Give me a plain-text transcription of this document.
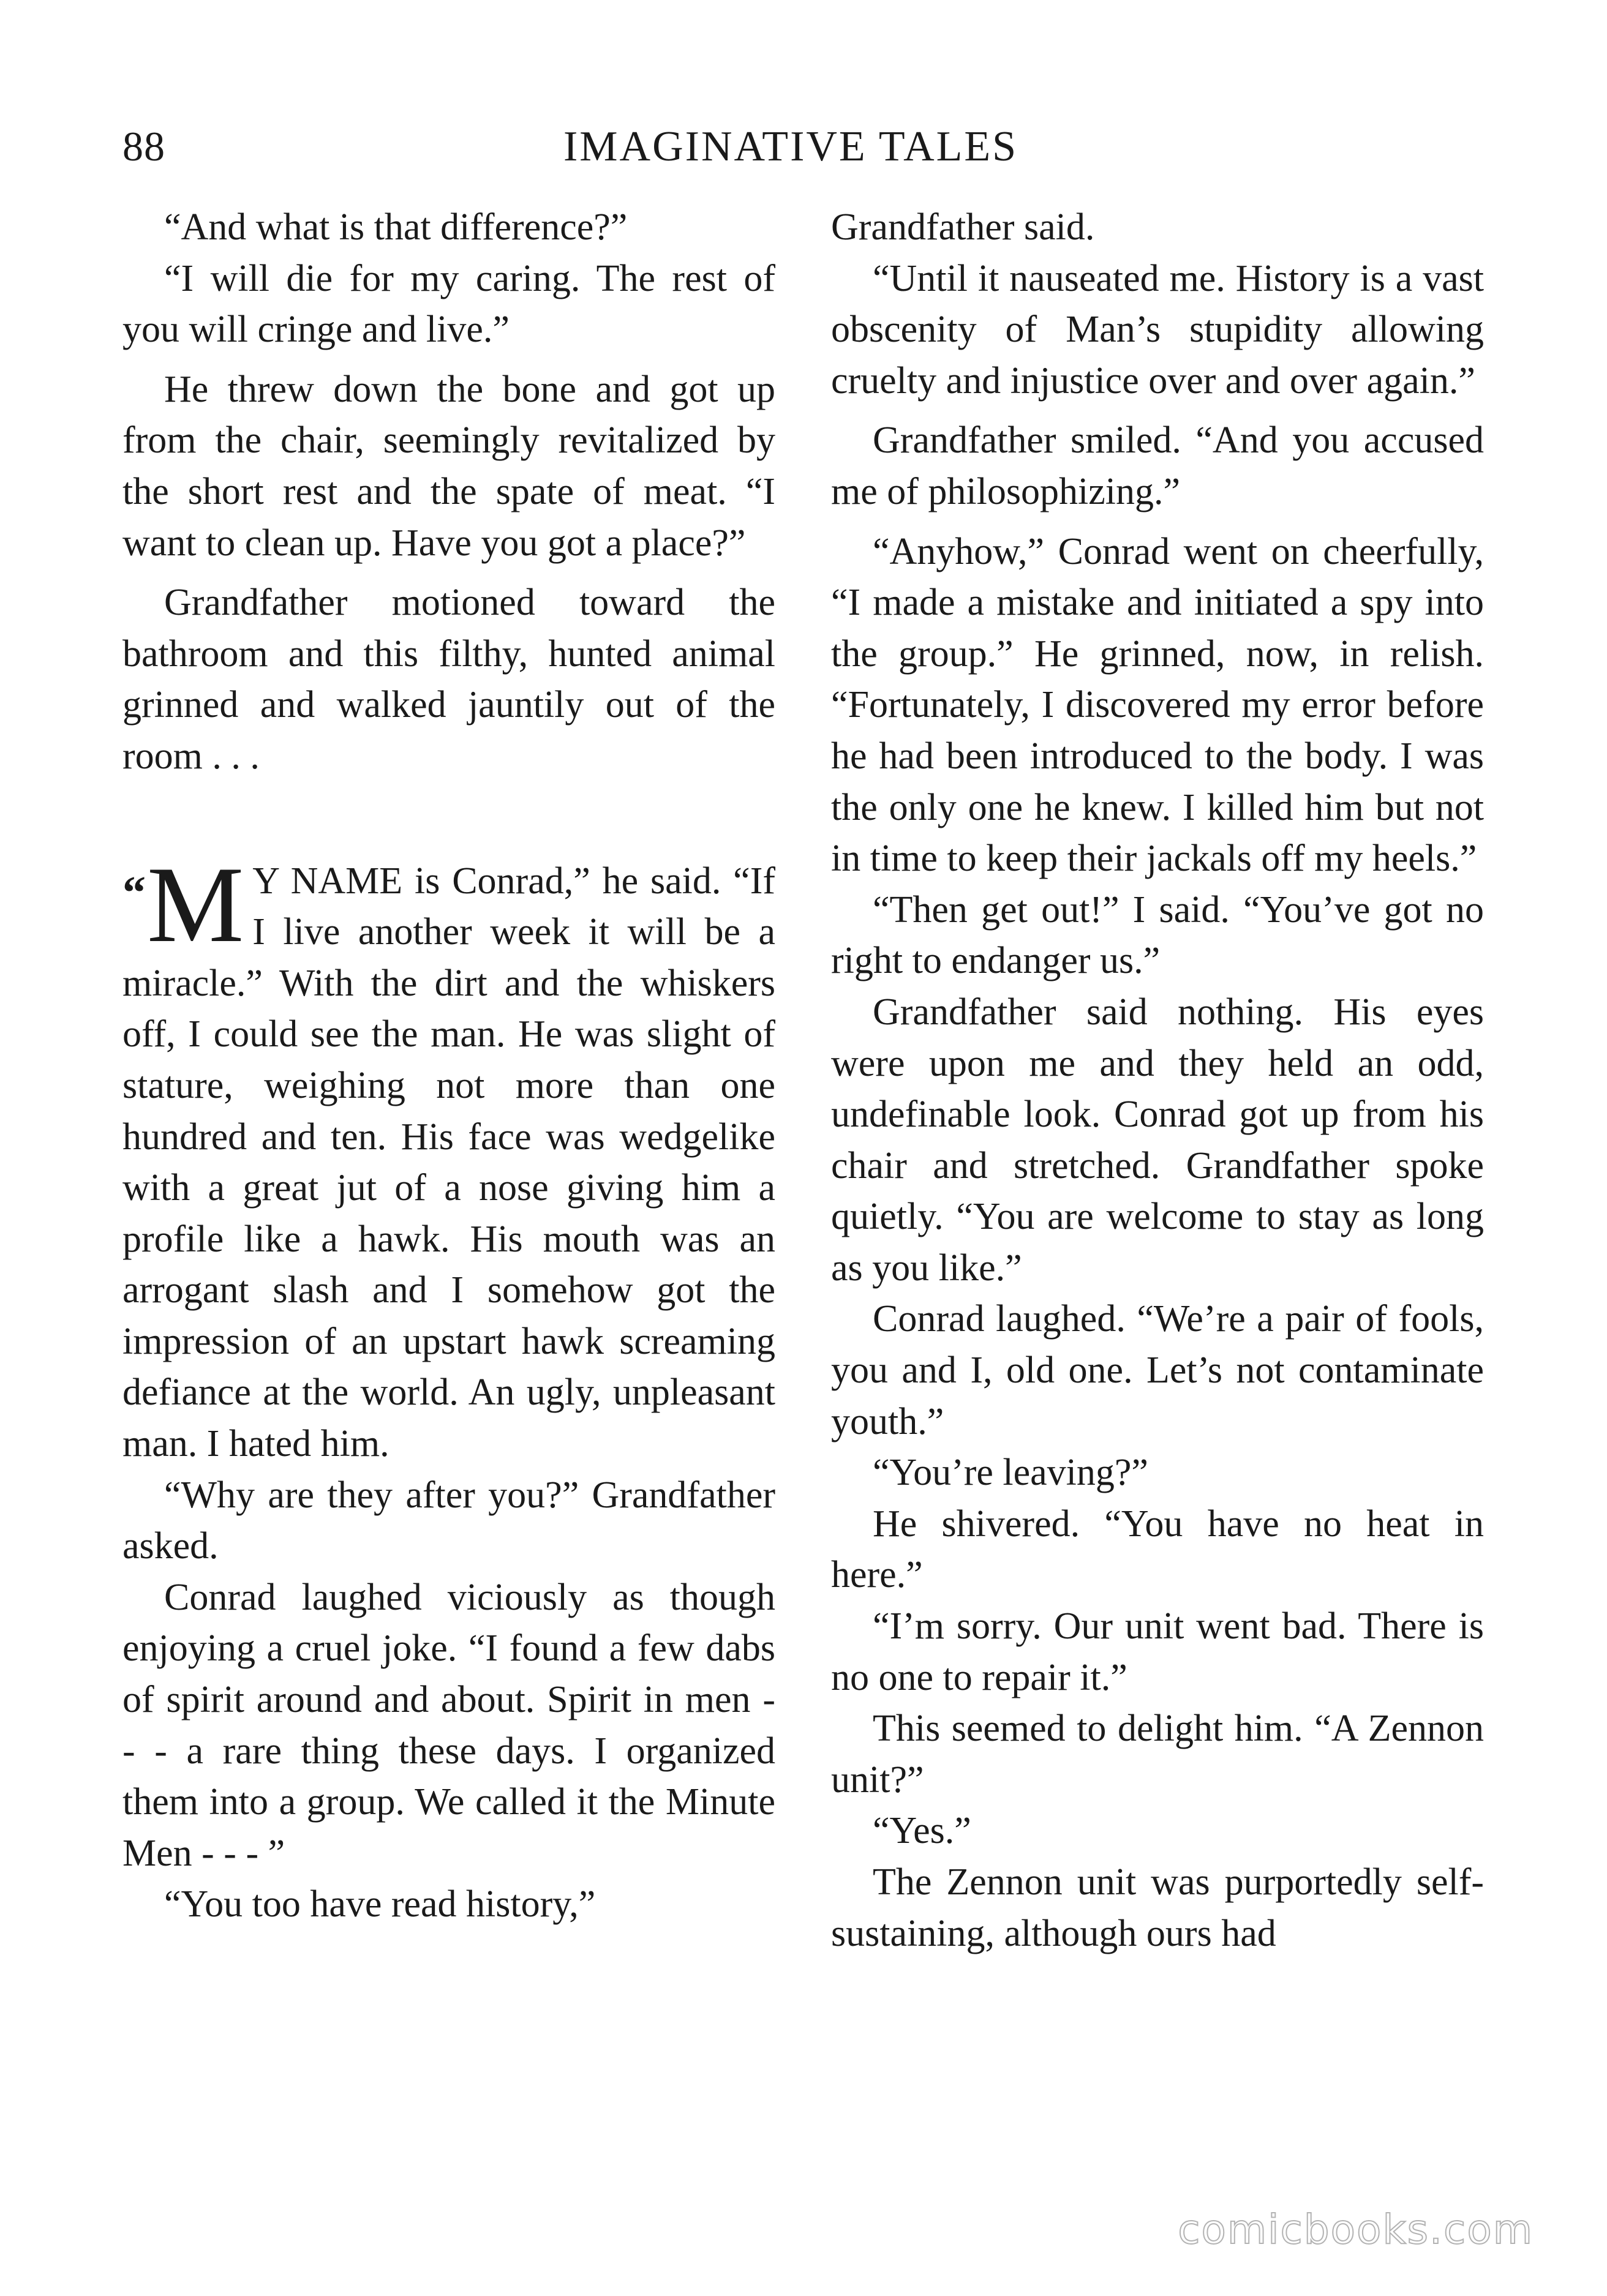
88	IMAGINATIVE TALES

“And what is that difference?”

“I will die for my caring. The rest of you will cringe and live.”

He threw down the bone and got up from the chair, seemingly revitalized by the short rest and the spate of meat. “I want to clean up. Have you got a place?”

Grandfather motioned toward the bathroom and this filthy, hunted animal grinned and walked jauntily out of the room . . .

“ M Y NAME is Conrad,” he said. “If I live another week it will be a miracle.” With the dirt and the whiskers off, I could see the man. He was slight of stature, weighing not more than one hundred and ten. His face was wedgelike with a great jut of a nose giving him a profile like a hawk. His mouth was an arrogant slash and I somehow got the impression of an upstart hawk screaming defiance at the world. An ugly, unpleasant man. I hated him.

“Why are they after you?” Grandfather asked.

Conrad laughed viciously as though enjoying a cruel joke. “I found a few dabs of spirit around and about. Spirit in men - - - a rare thing these days. I organized them into a group. We called it the Minute Men - - - ”

“You too have read history,”

Grandfather said.

“Until it nauseated me. History is a vast obscenity of Man’s stupidity allowing cruelty and injustice over and over again.”

Grandfather smiled. “And you accused me of philosophizing.”

“Anyhow,” Conrad went on cheerfully, “I made a mistake and initiated a spy into the group.” He grinned, now, in relish. “Fortunately, I discovered my error before he had been introduced to the body. I was the only one he knew. I killed him but not in time to keep their jackals off my heels.”

“Then get out!” I said. “You’ve got no right to endanger us.”

Grandfather said nothing. His eyes were upon me and they held an odd, undefinable look. Conrad got up from his chair and stretched. Grandfather spoke quietly. “You are welcome to stay as long as you like.”

Conrad laughed. “We’re a pair of fools, you and I, old one. Let’s not contaminate youth.”

“You’re leaving?”

He shivered. “You have no heat in here.”

“I’m sorry. Our unit went bad. There is no one to repair it.”

This seemed to delight him. “A Zennon unit?”

“Yes.”

The Zennon unit was purportedly self-sustaining, although ours had

comicbooks.com
